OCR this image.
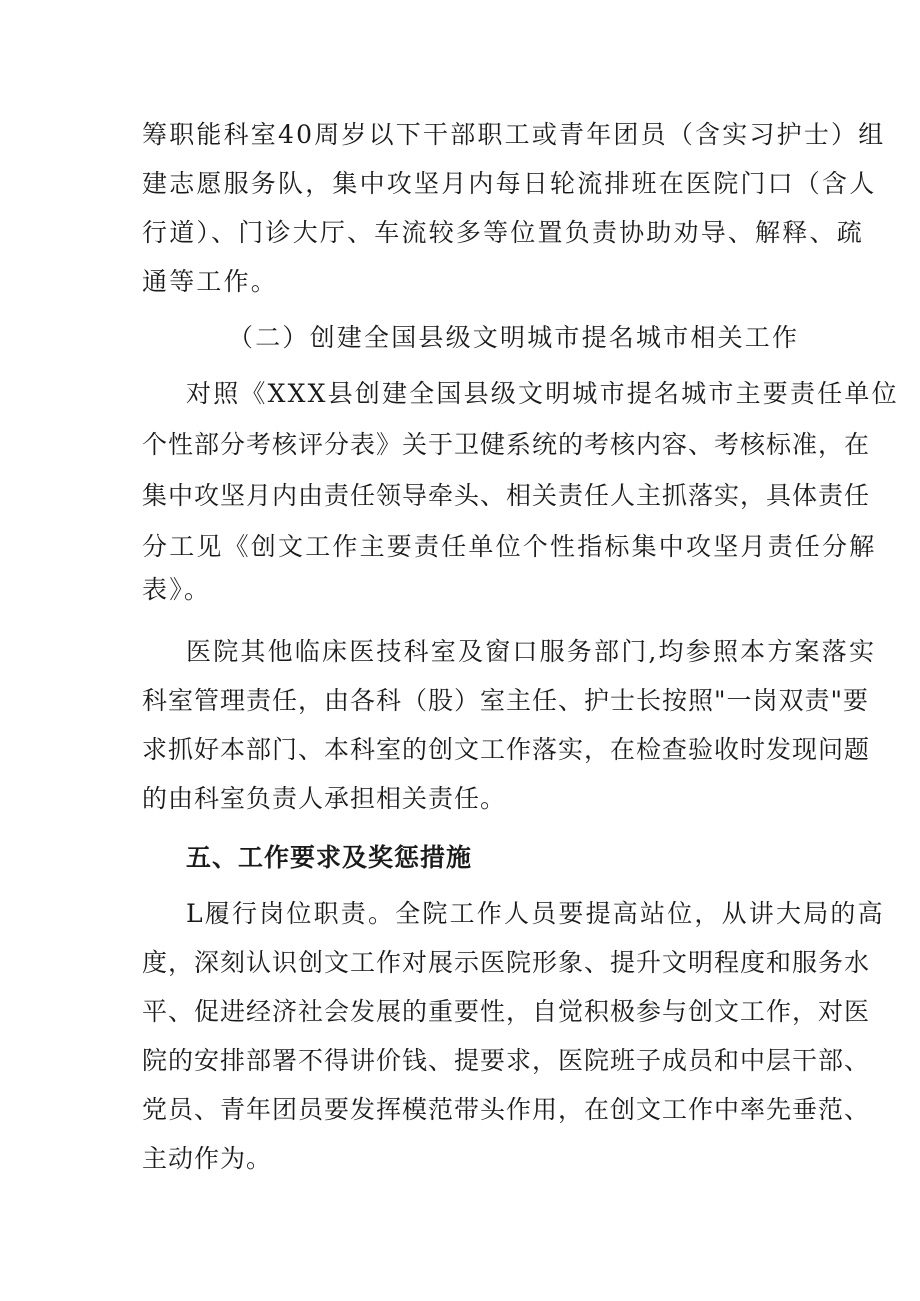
筹职能科室40周岁以下干部职工或青年团员（含实习护士）组

建志愿服务队，集中攻坚月内每日轮流排班在医院门口（含人

行道）、门诊大厅、车流较多等位置负责协助劝导、解释、疏

通等工作。

（二）创建全国县级文明城市提名城市相关工作

对照《XXX县创建全国县级文明城市提名城市主要责任单位

个性部分考核评分表》关于卫健系统的考核内容、考核标准，在

集中攻坚月内由责任领导牵头、相关责任人主抓落实，具体责任

分工见《创文工作主要责任单位个性指标集中攻坚月责任分解

表》。

医院其他临床医技科室及窗口服务部门,均参照本方案落实

科室管理责任，由各科（股）室主任、护士长按照"一岗双责"要

求抓好本部门、本科室的创文工作落实，在检查验收时发现问题

的由科室负责人承担相关责任。

五、工作要求及奖惩措施

L履行岗位职责。全院工作人员要提高站位，从讲大局的高

度，深刻认识创文工作对展示医院形象、提升文明程度和服务水

平、促进经济社会发展的重要性，自觉积极参与创文工作，对医

院的安排部署不得讲价钱、提要求，医院班子成员和中层干部、

党员、青年团员要发挥模范带头作用，在创文工作中率先垂范、

主动作为。
